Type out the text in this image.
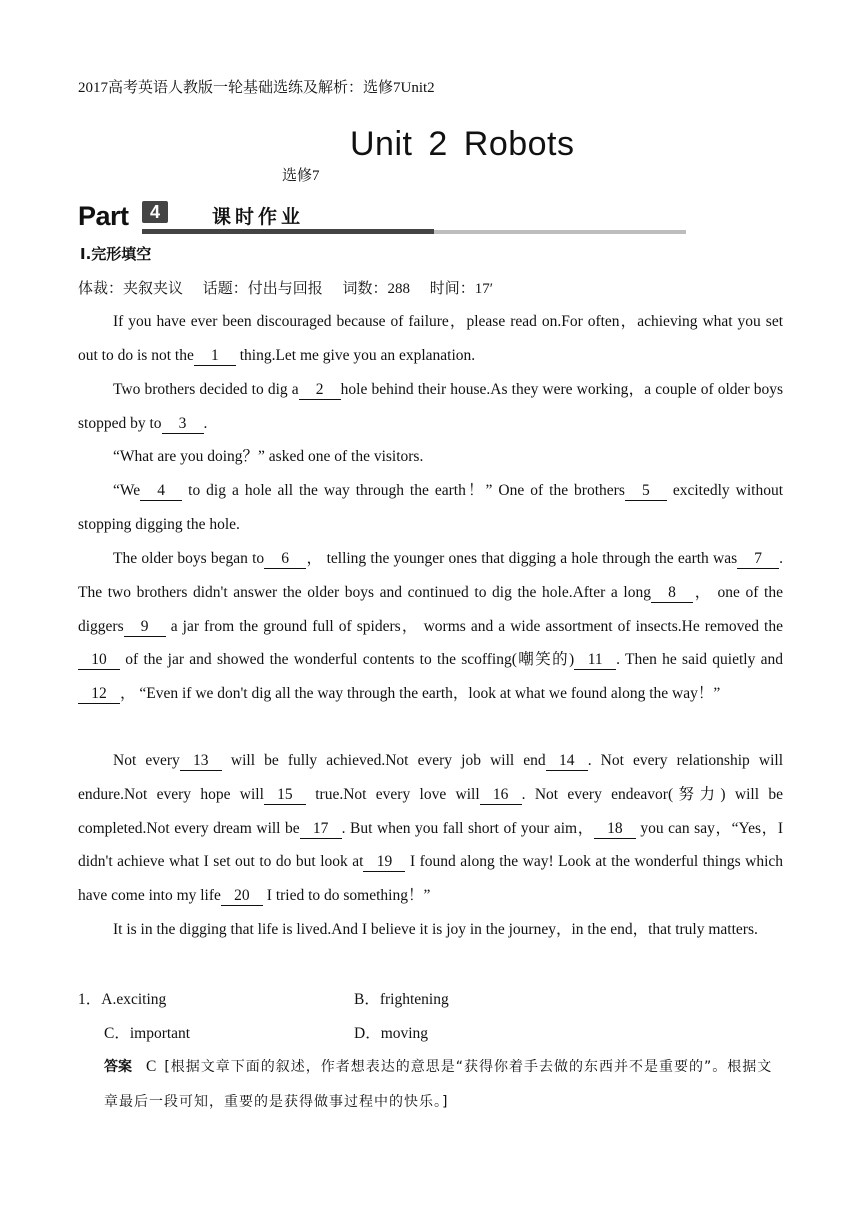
2017高考英语人教版一轮基础选练及解析：选修7Unit2
Unit 2 Robots
选修7
Part	4	课时作业
Ⅰ.完形填空
体裁：夹叙夹议 话题：付出与回报 词数：288 时间：17′

If you have ever been discouraged because of failure，please read on.For often，achieving what you set out to do is not the 1 thing.Let me give you an explanation.

Two brothers decided to dig a 2 hole behind their house.As they were working，a couple of older boys stopped by to 3 .

“What are you doing？” asked one of the visitors.

“We 4 to dig a hole all the way through the earth！” One of the brothers 5 excitedly without stopping digging the hole.

The older boys began to 6 ， telling the younger ones that digging a hole through the earth was 7 . The two brothers didn't answer the older boys and continued to dig the hole.After a long 8 ， one of the diggers 9 a jar from the ground full of spiders， worms and a wide assortment of insects.He removed the10 of the jar and showed the wonderful contents to the scoffing(嘲笑的) 11 . Then he said quietly and12 ， “Even if we don't dig all the way through the earth，look at what we found along the way！”

Not every 13 will be fully achieved.Not every job will end 14 . Not every relationship will endure.Not every hope will 15 true.Not every love will 16 . Not every endeavor(努力) will be completed.Not every dream will be 17 . But when you fall short of your aim， 18 you can say，“Yes，I didn't achieve what I set out to do but look at 19 I found along the way! Look at the wonderful things which have come into my life 20 I tried to do something！”

It is in the digging that life is lived.And I believe it is joy in the journey，in the end，that truly matters.

1．A.exciting	B．frightening
C．important	D．moving

答案 C [根据文章下面的叙述，作者想表达的意思是“获得你着手去做的东西并不是重要的”。根据文章最后一段可知，重要的是获得做事过程中的快乐。]
